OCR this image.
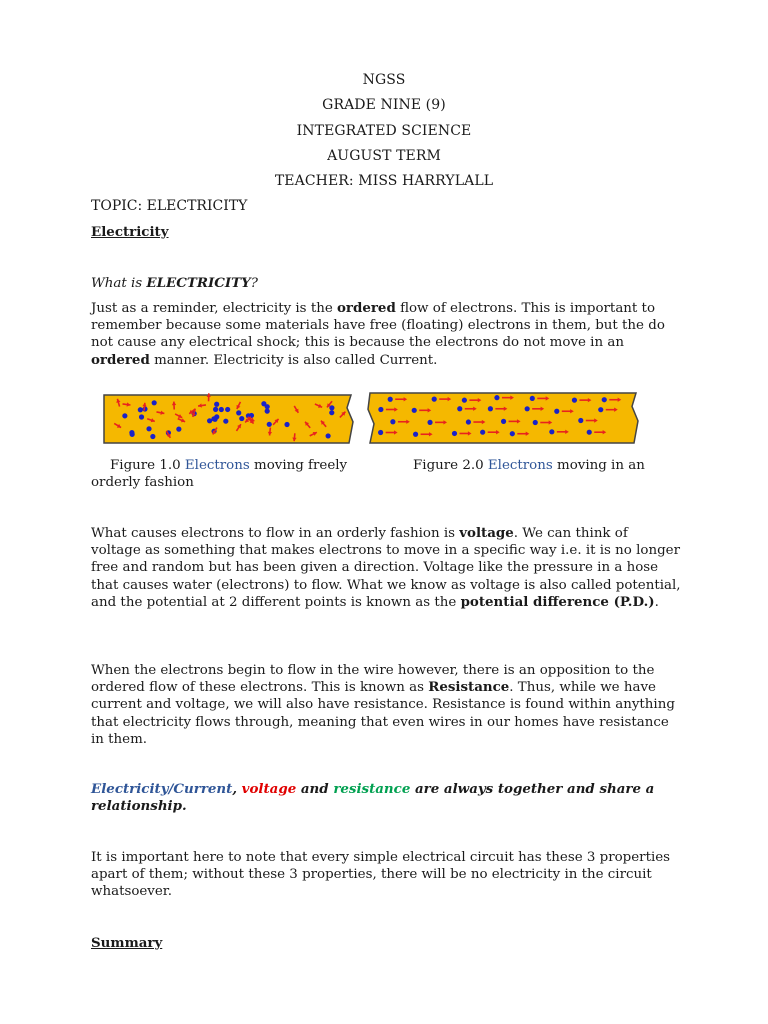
NGSS
GRADE NINE (9)
INTEGRATED SCIENCE
AUGUST TERM
TEACHER: MISS HARRYLALL
TOPIC: ELECTRICITY
Electricity
What is ELECTRICITY?
Just as a reminder, electricity is the ordered flow of electrons. This is important to remember because some materials have free (floating) electrons in them, but the do not cause any electrical shock; this is because the electrons do not move in an ordered manner. Electricity is also called Current.
Figure 1.0 Electrons moving freely	Figure 2.0 Electrons moving in an
orderly fashion
What causes electrons to flow in an orderly fashion is voltage. We can think of voltage as something that makes electrons to move in a specific way i.e. it is no longer free and random but has been given a direction. Voltage like the pressure in a hose that causes water (electrons) to flow. What we know as voltage is also called potential, and the potential at 2 different points is known as the potential difference (P.D.).
When the electrons begin to flow in the wire however, there is an opposition to the ordered flow of these electrons. This is known as Resistance. Thus, while we have current and voltage, we will also have resistance. Resistance is found within anything that electricity flows through, meaning that even wires in our homes have resistance in them.
Electricity/Current, voltage and resistance are always together and share a relationship.
It is important here to note that every simple electrical circuit has these 3 properties apart of them; without these 3 properties, there will be no electricity in the circuit whatsoever.
Summary
